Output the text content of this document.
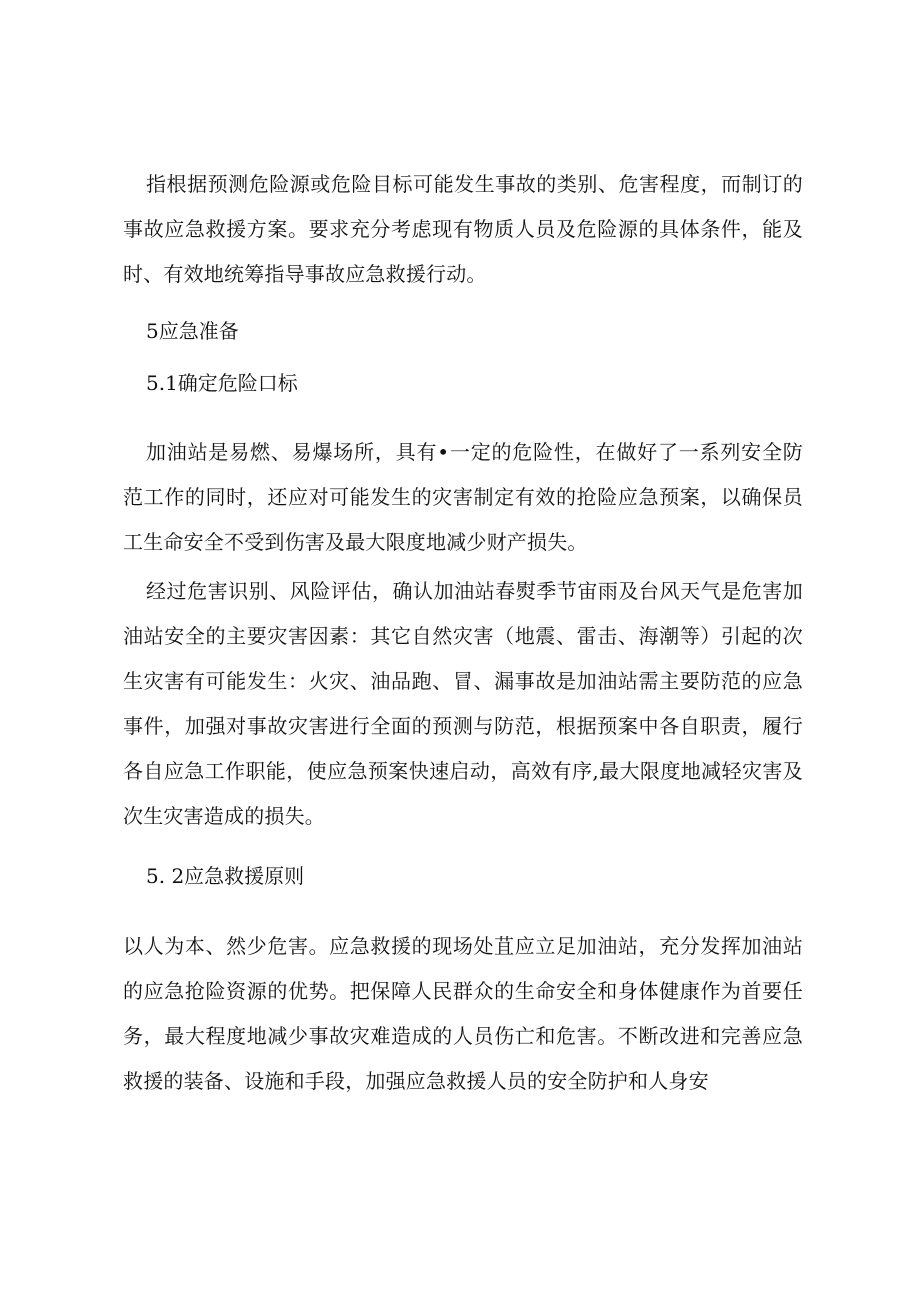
指根据预测危险源或危险目标可能发生事故的类别、危害程度，而制订的事故应急救援方案。要求充分考虑现有物质人员及危险源的具体条件，能及时、有效地统筹指导事故应急救援行动。

5应急准备
5.1确定危险口标

加油站是易燃、易爆场所，具有•一定的危险性，在做好了一系列安全防范工作的同时，还应对可能发生的灾害制定有效的抢险应急预案，以确保员工生命安全不受到伤害及最大限度地减少财产损失。

经过危害识别、风险评估，确认加油站春熨季节宙雨及台风天气是危害加油站安全的主要灾害因素：其它自然灾害（地震、雷击、海潮等）引起的次生灾害有可能发生：火灾、油品跑、冒、漏事故是加油站需主要防范的应急事件，加强对事故灾害进行全面的预测与防范，根据预案中各自职责，履行各自应急工作职能，使应急预案快速启动，高效有序,最大限度地减轻灾害及次生灾害造成的损失。

5. 2应急救援原则

以人为本、然少危害。应急救援的现场处苴应立足加油站，充分发挥加油站的应急抢险资源的优势。把保障人民群众的生命安全和身体健康作为首要任务，最大程度地减少事故灾难造成的人员伤亡和危害。不断改进和完善应急救援的装备、设施和手段，加强应急救援人员的安全防护和人身安
